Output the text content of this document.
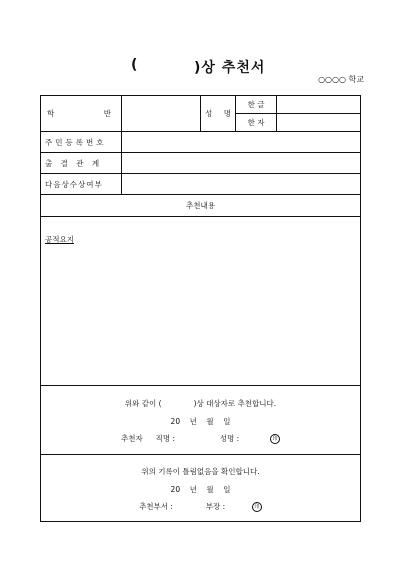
(	)상 추천서
○○○○ 학교
학	반	성 명
한 글
한 자
주민등록번호
출 결 관 계
다음상수상여부
추천내용
공적요지
위와 같이 (	)상 대상자로 추천합니다.
20    년    월    일
추천자 직명 :	성명 :	印
위의 기록이 틀림없음을 확인합니다.
20    년    월    일
추천부서 :	부장 :	印
